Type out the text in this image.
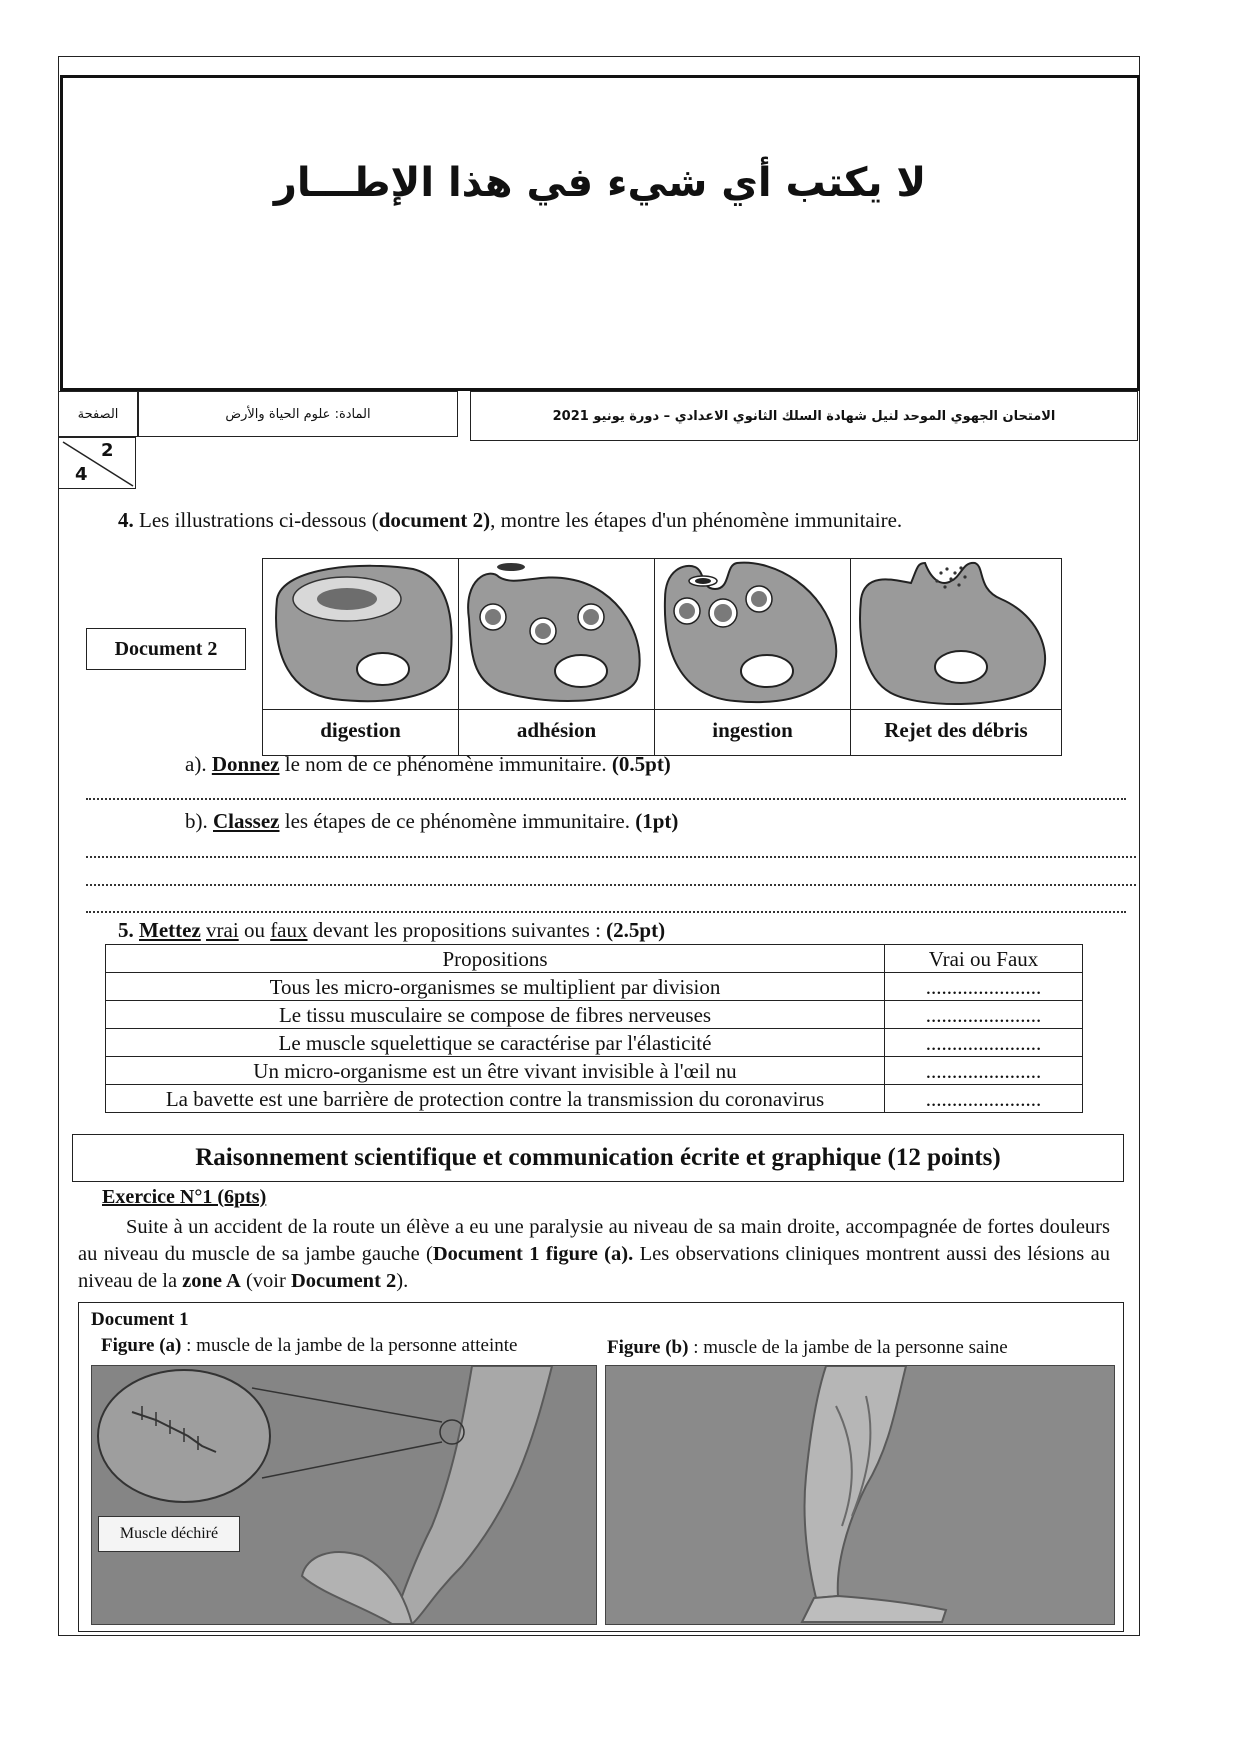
لا يكتب أي شيء في هذا الإطـــار
الصفحة	المادة: علوم الحياة والأرض	الامتحان الجهوي الموحد لنيل شهادة السلك الثانوي الاعدادي – دورة يونيو 2021
2
4
4. Les illustrations ci-dessous (document 2), montre les étapes d'un phénomène immunitaire.
Document 2
digestion	adhésion	ingestion	Rejet des débris
a). Donnez le nom de ce phénomène immunitaire. (0.5pt)
b). Classez les étapes de ce phénomène immunitaire. (1pt)
5. Mettez vrai ou faux devant les propositions suivantes : (2.5pt)
Propositions	Vrai ou Faux
Tous les micro-organismes se multiplient par division	......................
Le tissu musculaire se compose de fibres nerveuses	......................
Le muscle squelettique se caractérise par l'élasticité	......................
Un micro-organisme est un être vivant invisible à l'œil nu	......................
La bavette est une barrière de protection contre la transmission du coronavirus	......................
Raisonnement scientifique et communication écrite et graphique (12 points)
Exercice N°1 (6pts)
Suite à un accident de la route un élève a eu une paralysie au niveau de sa main droite, accompagnée de fortes douleurs au niveau du muscle de sa jambe gauche (Document 1 figure (a). Les observations cliniques montrent aussi des lésions au niveau de la zone A (voir Document 2).
Document 1
Figure (a) : muscle de la jambe de la personne atteinte	Figure (b) : muscle de la jambe de la personne saine
Muscle déchiré
